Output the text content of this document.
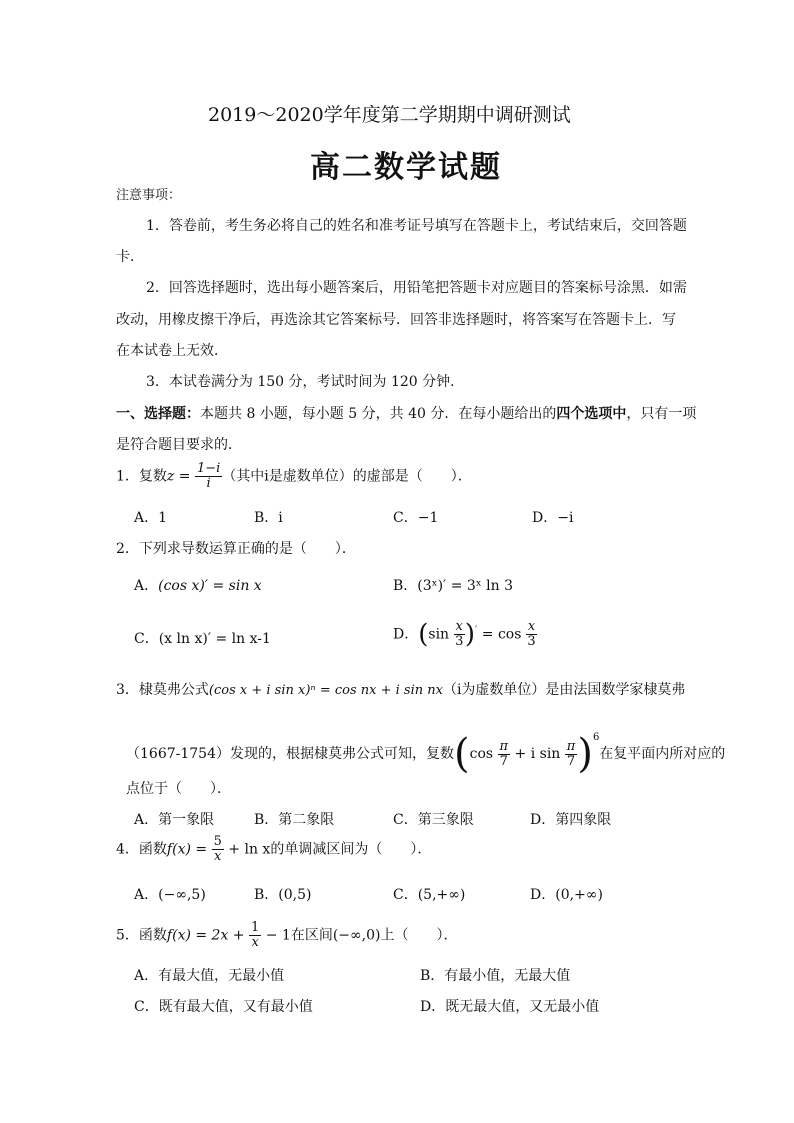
2019～2020学年度第二学期期中调研测试
高二数学试题
注意事项：
1．答卷前，考生务必将自己的姓名和准考证号填写在答题卡上，考试结束后，交回答题
卡．
2．回答选择题时，选出每小题答案后，用铅笔把答题卡对应题目的答案标号涂黑．如需
改动，用橡皮擦干净后，再选涂其它答案标号．回答非选择题时，将答案写在答题卡上．写
在本试卷上无效．
3．本试卷满分为 150 分，考试时间为 120 分钟．
一、选择题：本题共 8 小题，每小题 5 分，共 40 分．在每小题给出的四个选项中，只有一项
是符合题目要求的．
1．复数$z = \frac{1-i}{i}$ （其中i是虚数单位）的虚部是（　　）．
A．1	B．i	C．−1	D．−i
2．下列求导数运算正确的是（　　）．
A．(cos x)′ = sin x	B．(3ˣ)′ = 3ˣ ln 3
C．(x ln x)′ = ln x-1	D．$(\sin \frac{x}{3} )' = \cos \frac{x}{3}$
3．棣莫弗公式(cos x + i sin x)ⁿ = cos nx + i sin nx（i为虚数单位）是由法国数学家棣莫弗
（1667-1754）发现的，根据棣莫弗公式可知，复数($\cos \frac{\pi}{7} + i$ $\sin \frac{\pi}{7} )^6$在复平面内所对应的
点位于（　　）．
A．第一象限	B．第二象限	C．第三象限	D．第四象限
4．函数$f(x) = \frac{5}{x} + \ln x$的单调减区间为（　　）．
A．(−∞,5)	B．(0,5)	C．(5,+∞)	D．(0,+∞)
5．函数$f(x) = 2x + \frac{1}{x} - 1$在区间(−∞,0)上（　　）．
A．有最大值，无最小值	B．有最小值，无最大值
C．既有最大值，又有最小值	D．既无最大值，又无最小值
